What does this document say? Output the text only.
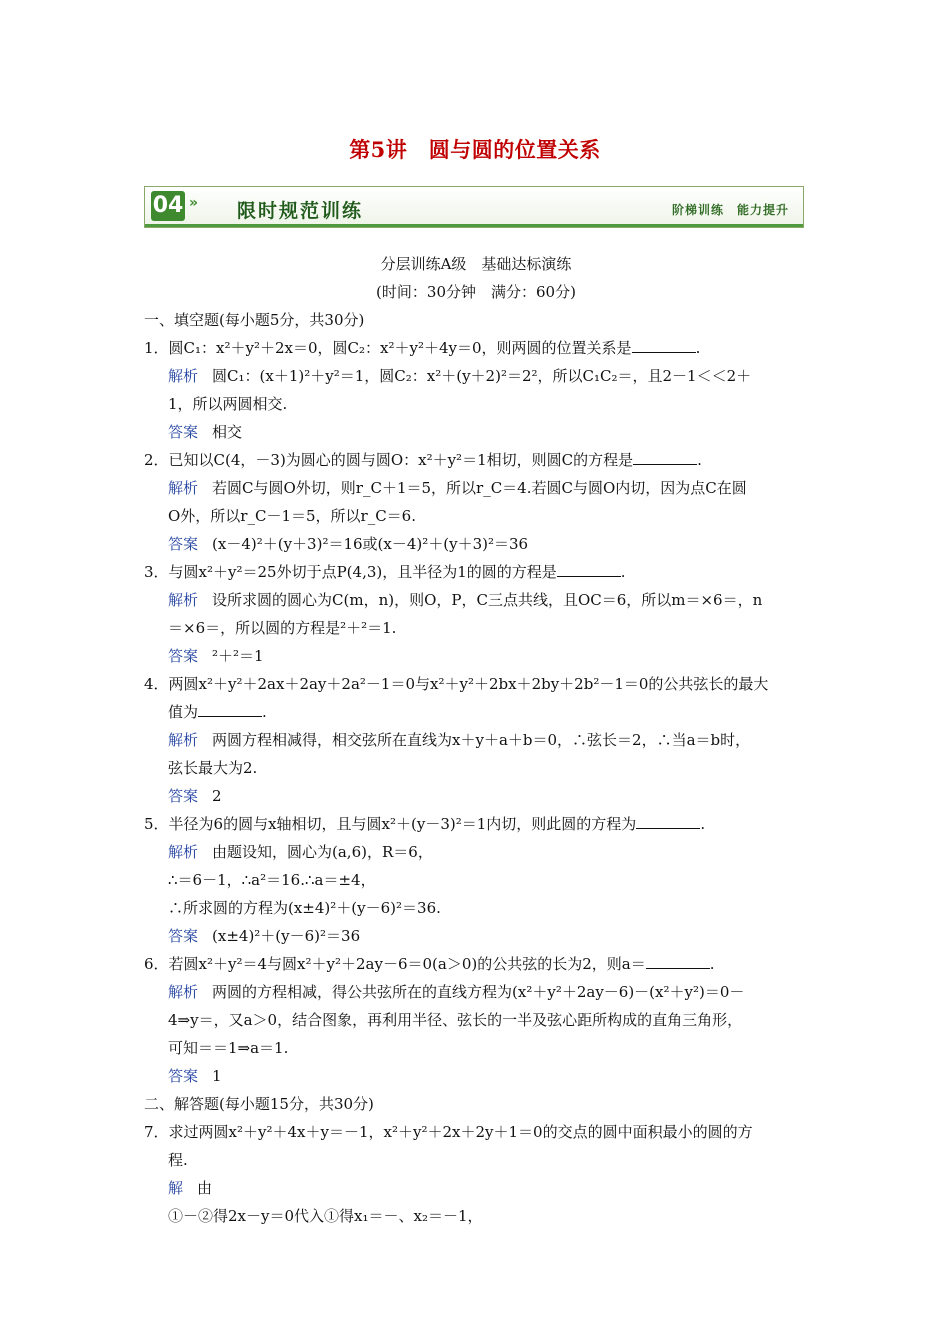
第5讲　圆与圆的位置关系
04 » 限时规范训练	阶梯训练　能力提升
分层训练A级　基础达标演练
(时间：30分钟　满分：60分)
一、填空题(每小题5分，共30分)
1．圆C₁：x²＋y²＋2x＝0，圆C₂：x²＋y²＋4y＝0，则两圆的位置关系是	.
解析 圆C₁：(x＋1)²＋y²＝1，圆C₂：x²＋(y＋2)²＝2²，所以C₁C₂＝，且2－1＜＜2＋
1，所以两圆相交.
答案 相交
2．已知以C(4，－3)为圆心的圆与圆O：x²＋y²＝1相切，则圆C的方程是	.
解析 若圆C与圆O外切，则r_C＋1＝5，所以r_C＝4.若圆C与圆O内切，因为点C在圆
O外，所以r_C－1＝5，所以r_C＝6.
答案 (x－4)²＋(y＋3)²＝16或(x－4)²＋(y＋3)²＝36
3．与圆x²＋y²＝25外切于点P(4,3)，且半径为1的圆的方程是	.
解析 设所求圆的圆心为C(m，n)，则O，P，C三点共线，且OC＝6，所以m＝×6＝，n
＝×6＝，所以圆的方程是²＋²＝1.
答案 ²＋²＝1
4．两圆x²＋y²＋2ax＋2ay＋2a²－1＝0与x²＋y²＋2bx＋2by＋2b²－1＝0的公共弦长的最大
值为	.
解析 两圆方程相减得，相交弦所在直线为x＋y＋a＋b＝0，∴弦长＝2，∴当a＝b时，
弦长最大为2.
答案 2
5．半径为6的圆与x轴相切，且与圆x²＋(y－3)²＝1内切，则此圆的方程为	.
解析 由题设知，圆心为(a,6)，R＝6，
∴＝6－1，∴a²＝16.∴a＝±4，
∴所求圆的方程为(x±4)²＋(y－6)²＝36.
答案 (x±4)²＋(y－6)²＝36
6．若圆x²＋y²＝4与圆x²＋y²＋2ay－6＝0(a＞0)的公共弦的长为2，则a＝	.
解析 两圆的方程相减，得公共弦所在的直线方程为(x²＋y²＋2ay－6)－(x²＋y²)＝0－
4⇒y＝，又a＞0，结合图象，再利用半径、弦长的一半及弦心距所构成的直角三角形，
可知＝＝1⇒a＝1.
答案 1
二、解答题(每小题15分，共30分)
7．求过两圆x²＋y²＋4x＋y＝－1，x²＋y²＋2x＋2y＋1＝0的交点的圆中面积最小的圆的方
程.
解 由
①－②得2x－y＝0代入①得x₁＝－、x₂＝－1，
